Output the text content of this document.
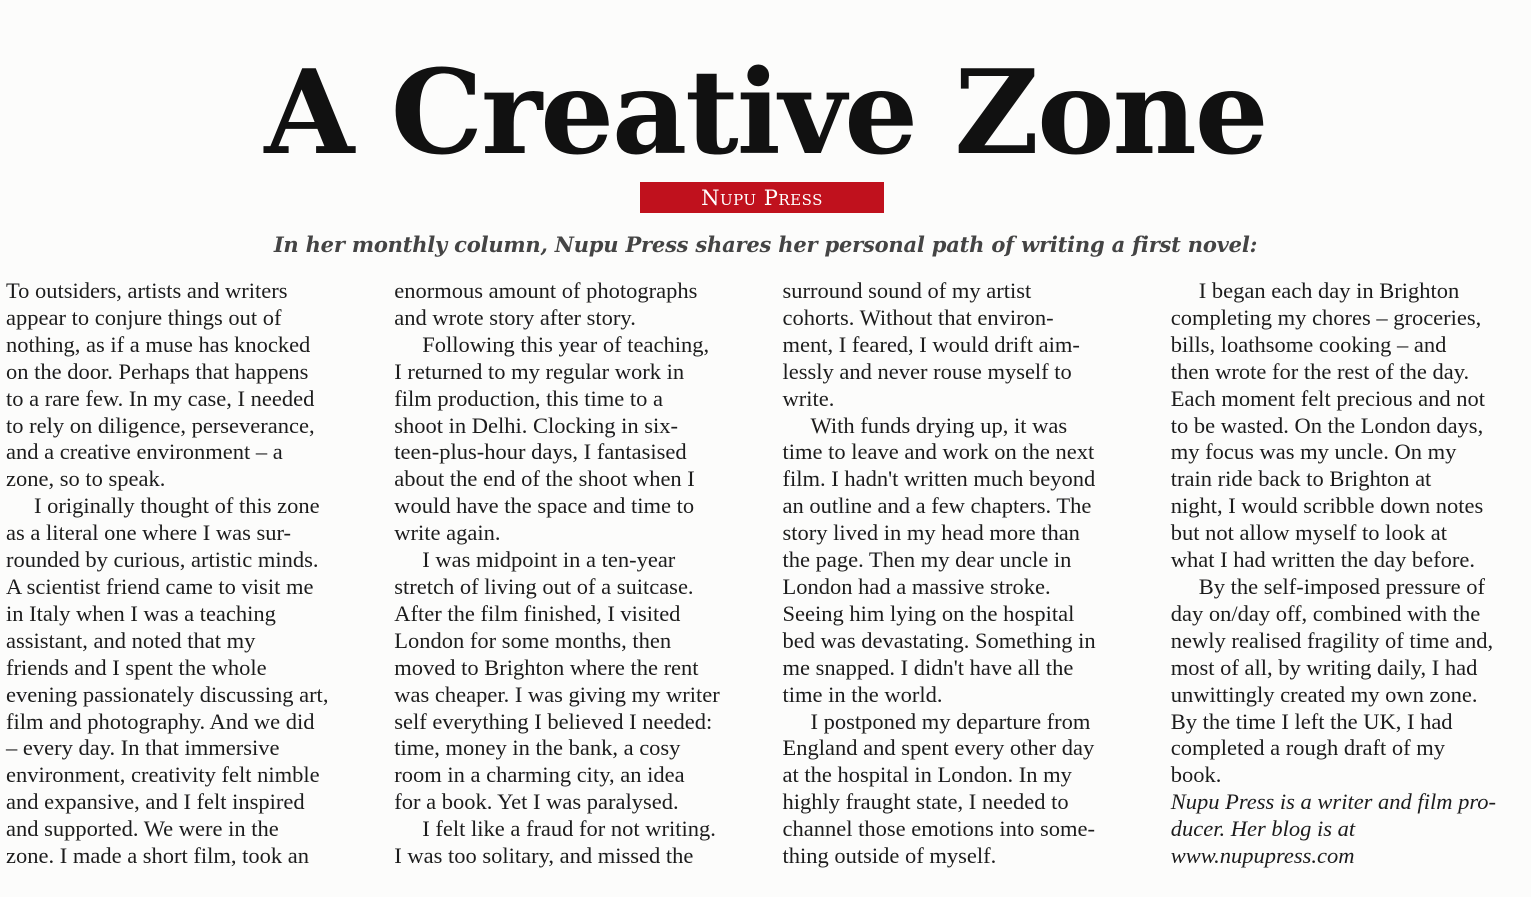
A Creative Zone
Nupu Press
In her monthly column, Nupu Press shares her personal path of writing a first novel:
To outsiders, artists and writers
appear to conjure things out of
nothing, as if a muse has knocked
on the door. Perhaps that happens
to a rare few. In my case, I needed
to rely on diligence, perseverance,
and a creative environment – a
zone, so to speak.
I originally thought of this zone
as a literal one where I was sur-
rounded by curious, artistic minds.
A scientist friend came to visit me
in Italy when I was a teaching
assistant, and noted that my
friends and I spent the whole
evening passionately discussing art,
film and photography. And we did
– every day. In that immersive
environment, creativity felt nimble
and expansive, and I felt inspired
and supported. We were in the
zone. I made a short film, took an
enormous amount of photographs
and wrote story after story.
Following this year of teaching,
I returned to my regular work in
film production, this time to a
shoot in Delhi. Clocking in six-
teen-plus-hour days, I fantasised
about the end of the shoot when I
would have the space and time to
write again.
I was midpoint in a ten-year
stretch of living out of a suitcase.
After the film finished, I visited
London for some months, then
moved to Brighton where the rent
was cheaper. I was giving my writer
self everything I believed I needed:
time, money in the bank, a cosy
room in a charming city, an idea
for a book. Yet I was paralysed.
I felt like a fraud for not writing.
I was too solitary, and missed the
surround sound of my artist
cohorts. Without that environ-
ment, I feared, I would drift aim-
lessly and never rouse myself to
write.
With funds drying up, it was
time to leave and work on the next
film. I hadn't written much beyond
an outline and a few chapters. The
story lived in my head more than
the page. Then my dear uncle in
London had a massive stroke.
Seeing him lying on the hospital
bed was devastating. Something in
me snapped. I didn't have all the
time in the world.
I postponed my departure from
England and spent every other day
at the hospital in London. In my
highly fraught state, I needed to
channel those emotions into some-
thing outside of myself.
I began each day in Brighton
completing my chores – groceries,
bills, loathsome cooking – and
then wrote for the rest of the day.
Each moment felt precious and not
to be wasted. On the London days,
my focus was my uncle. On my
train ride back to Brighton at
night, I would scribble down notes
but not allow myself to look at
what I had written the day before.
By the self-imposed pressure of
day on/day off, combined with the
newly realised fragility of time and,
most of all, by writing daily, I had
unwittingly created my own zone.
By the time I left the UK, I had
completed a rough draft of my
book.
Nupu Press is a writer and film pro-
ducer. Her blog is at
www.nupupress.com
